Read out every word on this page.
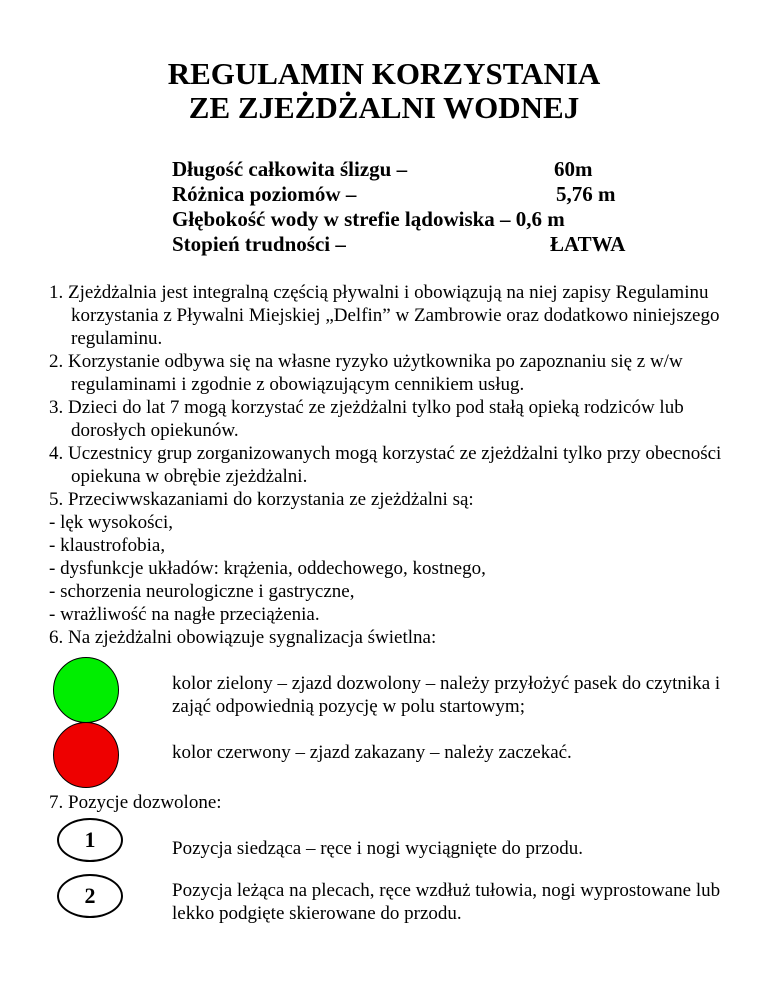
REGULAMIN KORZYSTANIA
ZE ZJEŻDŻALNI WODNEJ
Długość całkowita ślizgu –	60m
Różnica poziomów –	5,76 m
Głębokość wody w strefie lądowiska – 0,6 m
Stopień trudności –	ŁATWA
1. Zjeżdżalnia jest integralną częścią pływalni i obowiązują na niej zapisy Regulaminu korzystania z Pływalni Miejskiej „Delfin” w Zambrowie oraz dodatkowo niniejszego regulaminu.
2. Korzystanie odbywa się na własne ryzyko użytkownika po zapoznaniu się z w/w regulaminami i zgodnie z obowiązującym cennikiem usług.
3. Dzieci do lat 7 mogą korzystać ze zjeżdżalni tylko pod stałą opieką rodziców lub dorosłych opiekunów.
4. Uczestnicy grup zorganizowanych mogą korzystać ze zjeżdżalni tylko przy obecności opiekuna w obrębie zjeżdżalni.
5. Przeciwwskazaniami do korzystania ze zjeżdżalni są:
- lęk wysokości,
- klaustrofobia,
- dysfunkcje układów: krążenia, oddechowego, kostnego,
- schorzenia neurologiczne i gastryczne,
- wrażliwość na nagłe przeciążenia.
6. Na zjeżdżalni obowiązuje sygnalizacja świetlna:
kolor zielony – zjazd dozwolony – należy przyłożyć pasek do czytnika i zająć odpowiednią pozycję w polu startowym;
kolor czerwony – zjazd zakazany – należy zaczekać.
7. Pozycje dozwolone:
1	Pozycja siedząca – ręce i nogi wyciągnięte do przodu.
2	Pozycja leżąca na plecach, ręce wzdłuż tułowia, nogi wyprostowane lub lekko podgięte skierowane do przodu.
